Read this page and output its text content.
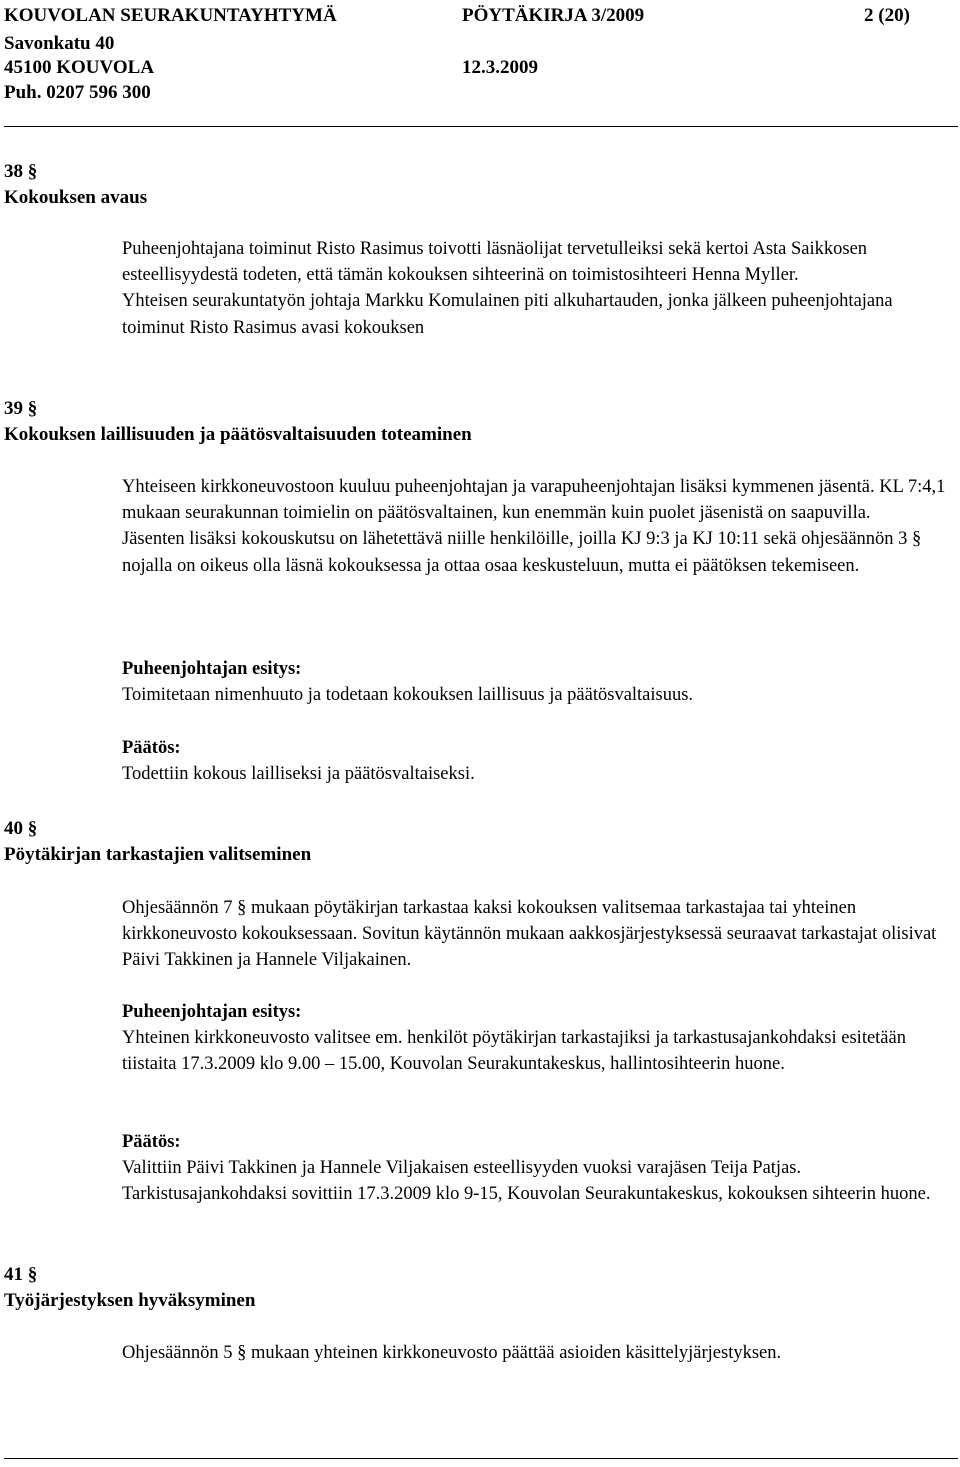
KOUVOLAN SEURAKUNTAYHTYMÄ	PÖYTÄKIRJA 3/2009	2 (20)
Savonkatu 40
45100 KOUVOLA	12.3.2009
Puh. 0207 596 300
38 §
Kokouksen avaus

Puheenjohtajana toiminut Risto Rasimus toivotti läsnäolijat tervetulleiksi sekä kertoi Asta Saikkosen esteellisyydestä todeten, että tämän kokouksen sihteerinä on toimistosihteeri Henna Myller.

Yhteisen seurakuntatyön johtaja Markku Komulainen piti alkuhartauden, jonka jälkeen puheenjohtajana toiminut Risto Rasimus avasi kokouksen

39 §
Kokouksen laillisuuden ja päätösvaltaisuuden toteaminen

Yhteiseen kirkkoneuvostoon kuuluu puheenjohtajan ja varapuheenjohtajan lisäksi kymmenen jäsentä. KL 7:4,1 mukaan seurakunnan toimielin on päätösvaltainen, kun enemmän kuin puolet jäsenistä on saapuvilla.

Jäsenten lisäksi kokouskutsu on lähetettävä niille henkilöille, joilla KJ 9:3 ja KJ 10:11 sekä ohjesäännön 3 § nojalla on oikeus olla läsnä kokouksessa ja ottaa osaa keskusteluun, mutta ei päätöksen tekemiseen.

Puheenjohtajan esitys:

Toimitetaan nimenhuuto ja todetaan kokouksen laillisuus ja päätösvaltaisuus.

Päätös:

Todettiin kokous lailliseksi ja päätösvaltaiseksi.

40 §
Pöytäkirjan tarkastajien valitseminen

Ohjesäännön 7 § mukaan pöytäkirjan tarkastaa kaksi kokouksen valitsemaa tarkastajaa tai yhteinen kirkkoneuvosto kokouksessaan. Sovitun käytännön mukaan aakkosjärjestyksessä seuraavat tarkastajat olisivat Päivi Takkinen ja Hannele Viljakainen.

Puheenjohtajan esitys:

Yhteinen kirkkoneuvosto valitsee em. henkilöt pöytäkirjan tarkastajiksi ja tarkastusajankohdaksi esitetään tiistaita 17.3.2009 klo 9.00 – 15.00, Kouvolan Seurakuntakeskus, hallintosihteerin huone.

Päätös:

Valittiin Päivi Takkinen ja Hannele Viljakaisen esteellisyyden vuoksi varajäsen Teija Patjas. Tarkistusajankohdaksi sovittiin 17.3.2009 klo 9-15, Kouvolan Seurakuntakeskus, kokouksen sihteerin huone.

41 §
Työjärjestyksen hyväksyminen

Ohjesäännön 5 § mukaan yhteinen kirkkoneuvosto päättää asioiden käsittelyjärjestyksen.
